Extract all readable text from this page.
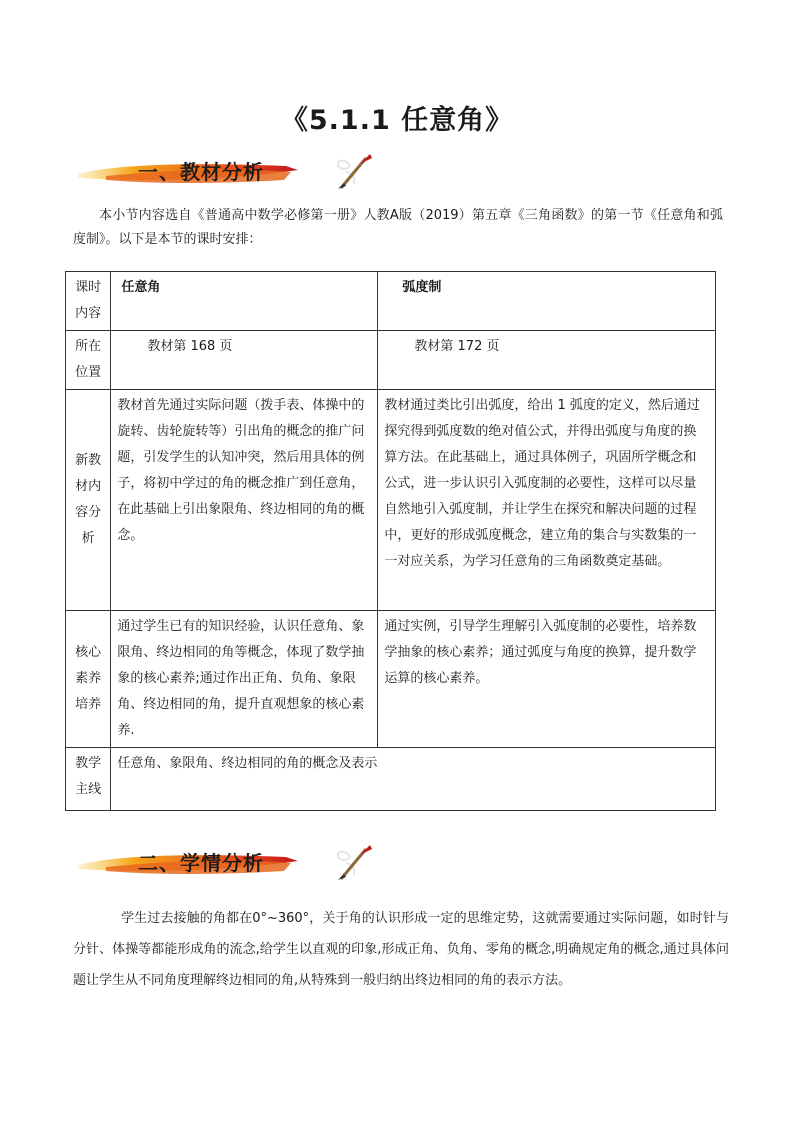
《5.1.1 任意角》
一、教材分析
本小节内容选自《普通高中数学必修第一册》人教A版（2019）第五章《三角函数》的第一节《任意角和弧度制》。以下是本节的课时安排：
课时内容	任意角	弧度制
所在位置	教材第 168 页	教材第 172 页
新教材内容分析	教材首先通过实际问题（拨手表、体操中的旋转、齿轮旋转等）引出角的概念的推广问题，引发学生的认知冲突，然后用具体的例子，将初中学过的角的概念推广到任意角，在此基础上引出象限角、终边相同的角的概念。	教材通过类比引出弧度，给出 1 弧度的定义，然后通过探究得到弧度数的绝对值公式，并得出弧度与角度的换算方法。在此基础上，通过具体例子，巩固所学概念和公式，进一步认识引入弧度制的必要性，这样可以尽量自然地引入弧度制，并让学生在探究和解决问题的过程中，更好的形成弧度概念，建立角的集合与实数集的一一对应关系，为学习任意角的三角函数奠定基础。
核心素养培养	通过学生已有的知识经验，认识任意角、象限角、终边相同的角等概念，体现了数学抽象的核心素养;通过作出正角、负角、象限角、终边相同的角，提升直观想象的核心素养.	通过实例，引导学生理解引入弧度制的必要性，培养数学抽象的核心素养；通过弧度与角度的换算，提升数学运算的核心素养。
教学主线	任意角、象限角、终边相同的角的概念及表示	
二、学情分析
学生过去接触的角都在0°~360°，关于角的认识形成一定的思维定势，这就需要通过实际问题，如时针与分针、体操等都能形成角的流念,给学生以直观的印象,形成正角、负角、零角的概念,明确规定角的概念,通过具体问题让学生从不同角度理解终边相同的角,从特殊到一般归纳出终边相同的角的表示方法。
